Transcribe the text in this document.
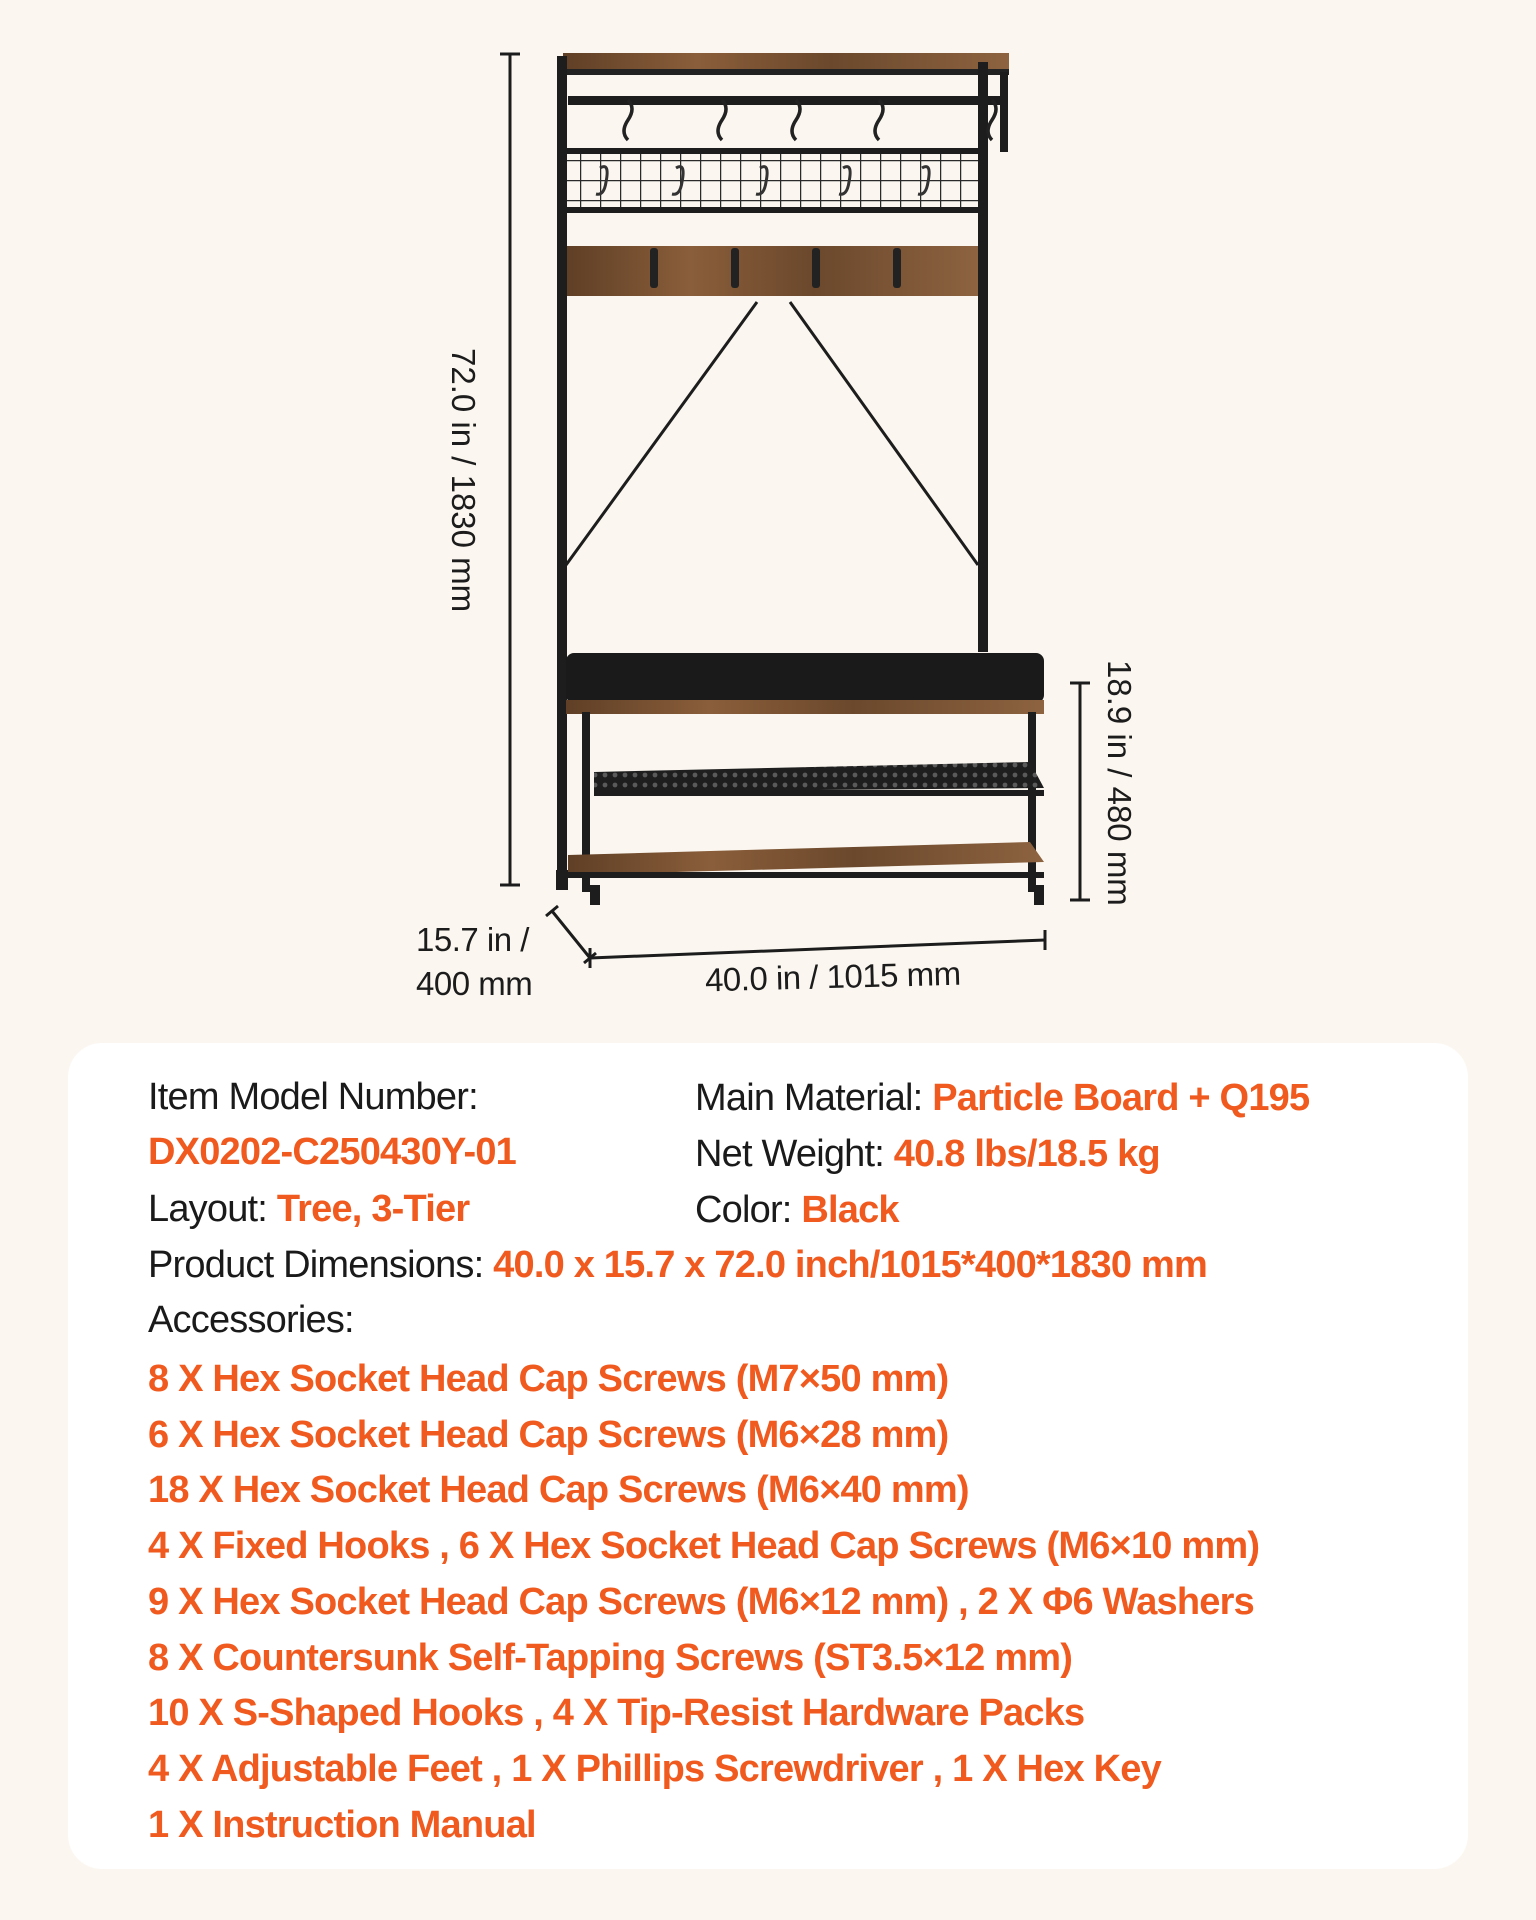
72.0 in / 1830 mm
18.9 in / 480 mm
15.7 in /
400 mm	40.0 in / 1015 mm
Item Model Number:
DX0202-C250430Y-01
Main Material: Particle Board + Q195
Net Weight: 40.8 lbs/18.5 kg
Layout: Tree, 3-Tier	Color: Black
Product Dimensions: 40.0 x 15.7 x 72.0 inch/1015*400*1830 mm
Accessories:
8 X Hex Socket Head Cap Screws (M7×50 mm)
6 X Hex Socket Head Cap Screws (M6×28 mm)
18 X Hex Socket Head Cap Screws (M6×40 mm)
4 X Fixed Hooks , 6 X Hex Socket Head Cap Screws (M6×10 mm)
9 X Hex Socket Head Cap Screws (M6×12 mm) , 2 X Φ6 Washers
8 X Countersunk Self-Tapping Screws (ST3.5×12 mm)
10 X S-Shaped Hooks , 4 X Tip-Resist Hardware Packs
4 X Adjustable Feet , 1 X Phillips Screwdriver , 1 X Hex Key
1 X Instruction Manual
